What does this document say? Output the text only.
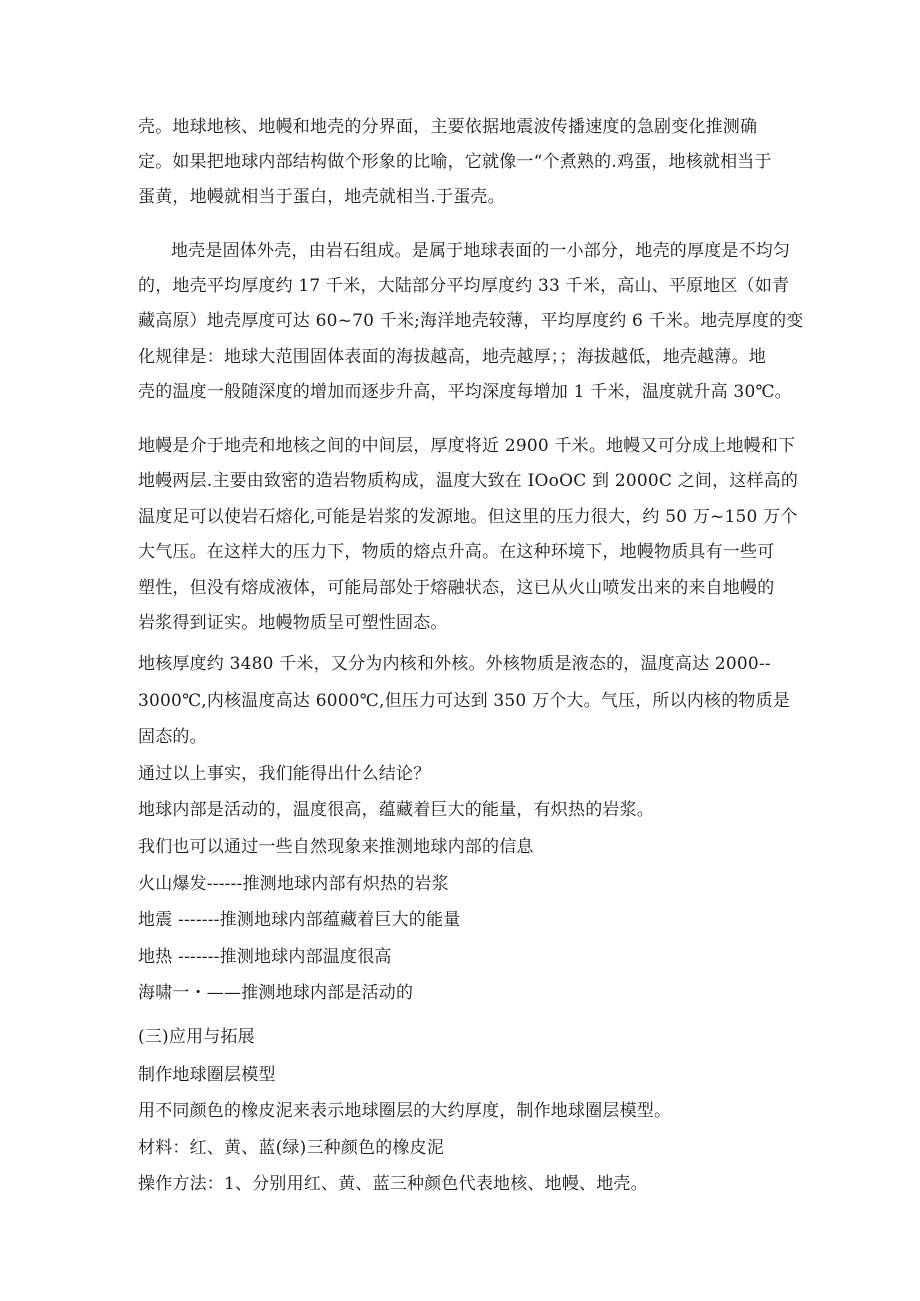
壳。地球地核、地幔和地壳的分界面，主要依据地震波传播速度的急剧变化推测确
定。如果把地球内部结构做个形象的比喻，它就像一“个煮熟的.鸡蛋，地核就相当于
蛋黄，地幔就相当于蛋白，地壳就相当.于蛋壳。
地壳是固体外壳，由岩石组成。是属于地球表面的一小部分，地壳的厚度是不均匀
的，地壳平均厚度约 17 千米，大陆部分平均厚度约 33 千米，高山、平原地区（如青
藏高原）地壳厚度可达 60~70 千米;海洋地壳较薄，平均厚度约 6 千米。地壳厚度的变
化规律是：地球大范围固体表面的海拔越高，地壳越厚；；海拔越低，地壳越薄。地
壳的温度一般随深度的增加而逐步升高，平均深度每增加 1 千米，温度就升高 30℃。
地幔是介于地壳和地核之间的中间层，厚度将近 2900 千米。地幔又可分成上地幔和下
地幔两层.主要由致密的造岩物质构成，温度大致在 IOoOC 到 2000C 之间，这样高的
温度足可以使岩石熔化,可能是岩浆的发源地。但这里的压力很大，约 50 万~150 万个
大气压。在这样大的压力下，物质的熔点升高。在这种环境下，地幔物质具有一些可
塑性，但没有熔成液体，可能局部处于熔融状态，这已从火山喷发出来的来自地幔的
岩浆得到证实。地幔物质呈可塑性固态。
地核厚度约 3480 千米，又分为内核和外核。外核物质是液态的，温度高达 2000--
3000℃,内核温度高达 6000℃,但压力可达到 350 万个大。气压，所以内核的物质是
固态的。
通过以上事实，我们能得出什么结论？
地球内部是活动的，温度很高，蕴藏着巨大的能量，有炽热的岩浆。
我们也可以通过一些自然现象来推测地球内部的信息
火山爆发------推测地球内部有炽热的岩浆
地震 -------推测地球内部蕴藏着巨大的能量
地热 -------推测地球内部温度很高
海啸一・——推测地球内部是活动的
(三)应用与拓展
制作地球圈层模型
用不同颜色的橡皮泥来表示地球圈层的大约厚度，制作地球圈层模型。
材料：红、黄、蓝(绿)三种颜色的橡皮泥
操作方法：1、分别用红、黄、蓝三种颜色代表地核、地幔、地壳。
